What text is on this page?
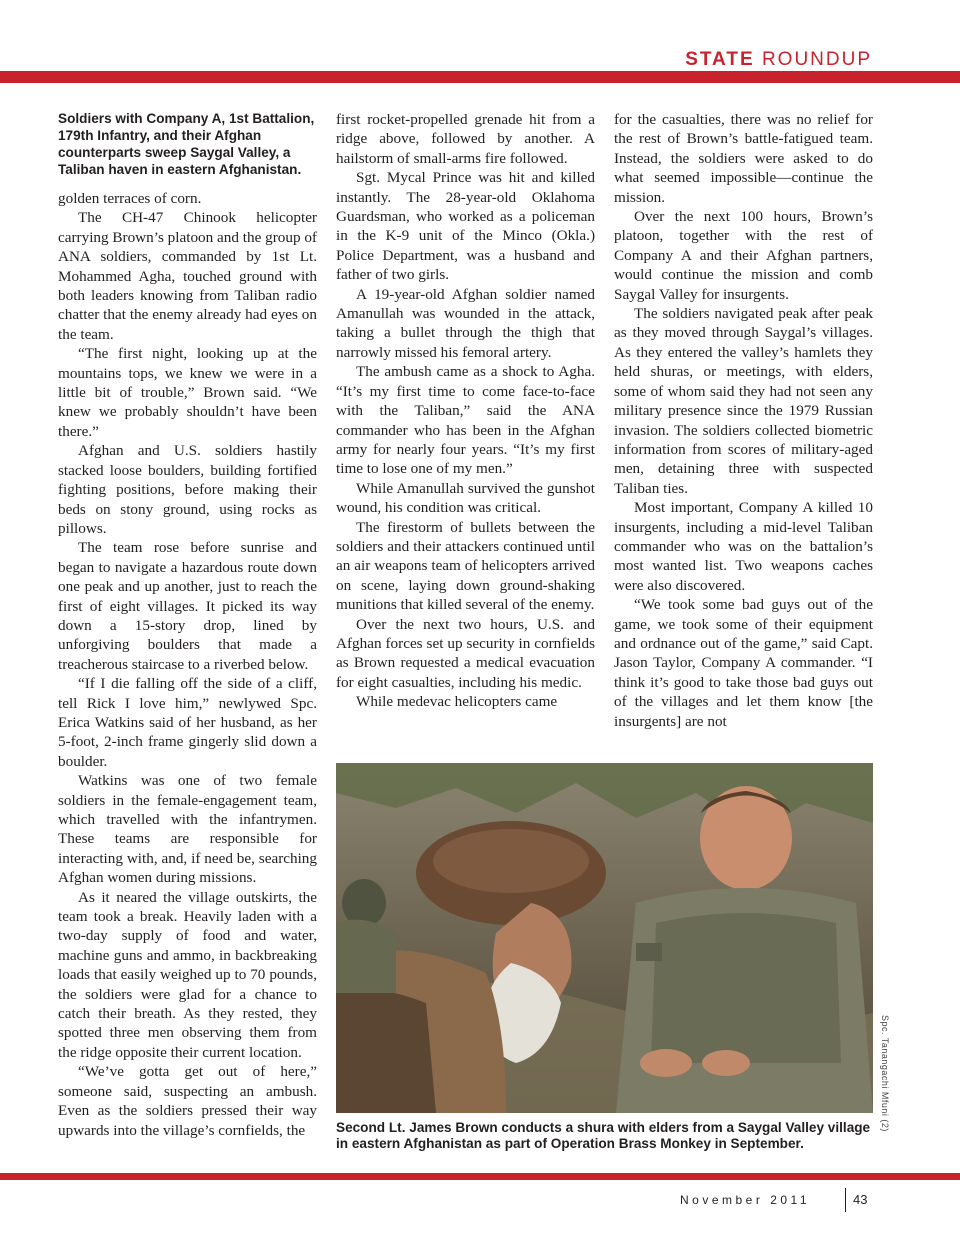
STATE ROUNDUP
Soldiers with Company A, 1st Battalion, 179th Infantry, and their Afghan counterparts sweep Saygal Valley, a Taliban haven in eastern Afghanistan.

golden terraces of corn.

The CH-47 Chinook helicopter carrying Brown’s platoon and the group of ANA soldiers, commanded by 1st Lt. Mohammed Agha, touched ground with both leaders knowing from Taliban radio chatter that the enemy already had eyes on the team.

“The first night, looking up at the mountains tops, we knew we were in a little bit of trouble,” Brown said. “We knew we probably shouldn’t have been there.”

Afghan and U.S. soldiers hastily stacked loose boulders, building fortified fighting positions, before making their beds on stony ground, using rocks as pillows.

The team rose before sunrise and began to navigate a hazardous route down one peak and up another, just to reach the first of eight villages. It picked its way down a 15-story drop, lined by unforgiving boulders that made a treacherous staircase to a riverbed below.

“If I die falling off the side of a cliff, tell Rick I love him,” newlywed Spc. Erica Watkins said of her husband, as her 5-foot, 2-inch frame gingerly slid down a boulder.

Watkins was one of two female soldiers in the female-engagement team, which travelled with the infantrymen. These teams are responsible for interacting with, and, if need be, searching Afghan women during missions.

As it neared the village outskirts, the team took a break. Heavily laden with a two-day supply of food and water, machine guns and ammo, in backbreaking loads that easily weighed up to 70 pounds, the soldiers were glad for a chance to catch their breath. As they rested, they spotted three men observing them from the ridge opposite their current location.

“We’ve gotta get out of here,” someone said, suspecting an ambush. Even as the soldiers pressed their way upwards into the village’s cornfields, the

first rocket-propelled grenade hit from a ridge above, followed by another. A hailstorm of small-arms fire followed.

Sgt. Mycal Prince was hit and killed instantly. The 28-year-old Oklahoma Guardsman, who worked as a policeman in the K-9 unit of the Minco (Okla.) Police Department, was a husband and father of two girls.

A 19-year-old Afghan soldier named Amanullah was wounded in the attack, taking a bullet through the thigh that narrowly missed his femoral artery.

The ambush came as a shock to Agha. “It’s my first time to come face-to-face with the Taliban,” said the ANA commander who has been in the Afghan army for nearly four years. “It’s my first time to lose one of my men.”

While Amanullah survived the gunshot wound, his condition was critical.

The firestorm of bullets between the soldiers and their attackers continued until an air weapons team of helicopters arrived on scene, laying down ground-shaking munitions that killed several of the enemy.

Over the next two hours, U.S. and Afghan forces set up security in cornfields as Brown requested a medical evacuation for eight casualties, including his medic.

While medevac helicopters came

for the casualties, there was no relief for the rest of Brown’s battle-fatigued team. Instead, the soldiers were asked to do what seemed impossible—continue the mission.

Over the next 100 hours, Brown’s platoon, together with the rest of Company A and their Afghan partners, would continue the mission and comb Saygal Valley for insurgents.

The soldiers navigated peak after peak as they moved through Saygal’s villages. As they entered the valley’s hamlets they held shuras, or meetings, with elders, some of whom said they had not seen any military presence since the 1979 Russian invasion. The soldiers collected biometric information from scores of military-aged men, detaining three with suspected Taliban ties.

Most important, Company A killed 10 insurgents, including a mid-level Taliban commander who was on the battalion’s most wanted list. Two weapons caches were also discovered.

“We took some bad guys out of the game, we took some of their equipment and ordnance out of the game,” said Capt. Jason Taylor, Company A commander. “I think it’s good to take those bad guys out of the villages and let them know [the insurgents] are not

Spc. Tanangachi Mfuni (2)
Second Lt. James Brown conducts a shura with elders from a Saygal Valley village in eastern Afghanistan as part of Operation Brass Monkey in September.
November 2011	43
